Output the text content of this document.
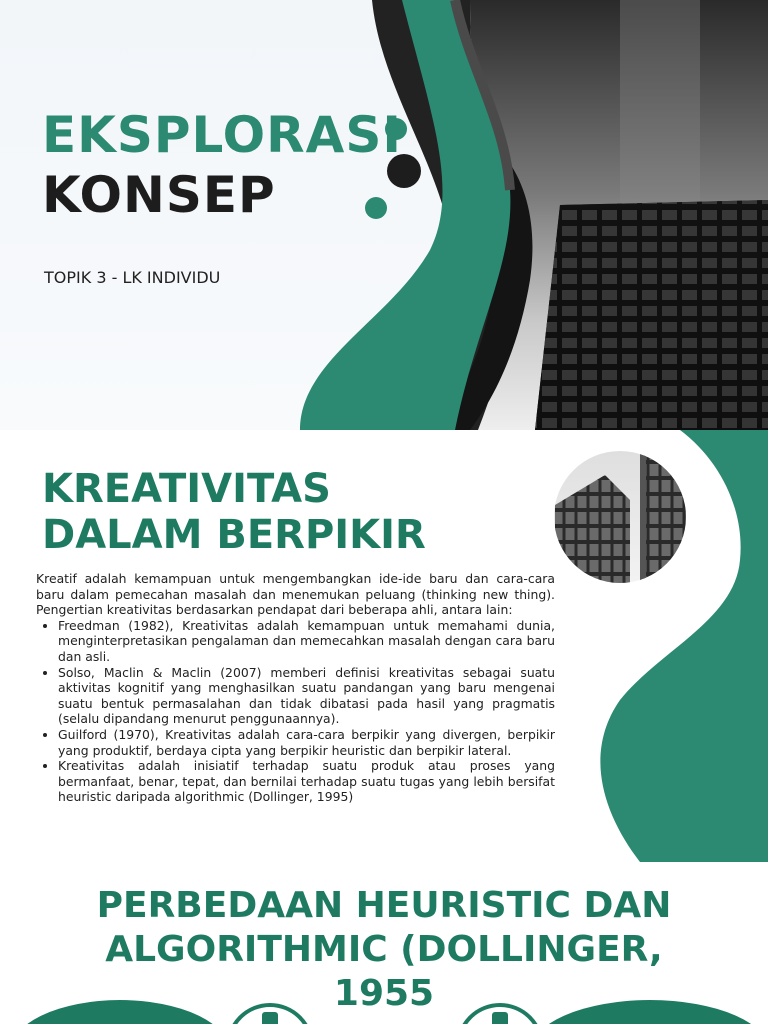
EKSPLORASI
KONSEP
TOPIK 3 - LK INDIVIDU
KREATIVITAS
DALAM BERPIKIR

Kreatif adalah kemampuan untuk mengembangkan ide-ide baru dan cara-cara baru dalam pemecahan masalah dan menemukan peluang (thinking new thing). Pengertian kreativitas berdasarkan pendapat dari beberapa ahli, antara lain:

• Freedman (1982), Kreativitas adalah kemampuan untuk memahami dunia, menginterpretasikan pengalaman dan memecahkan masalah dengan cara baru dan asli.
• Solso, Maclin & Maclin (2007) memberi definisi kreativitas sebagai suatu aktivitas kognitif yang menghasilkan suatu pandangan yang baru mengenai suatu bentuk permasalahan dan tidak dibatasi pada hasil yang pragmatis (selalu dipandang menurut penggunaannya).
• Guilford (1970), Kreativitas adalah cara-cara berpikir yang divergen, berpikir yang produktif, berdaya cipta yang berpikir heuristic dan berpikir lateral.
• Kreativitas adalah inisiatif terhadap suatu produk atau proses yang bermanfaat, benar, tepat, dan bernilai terhadap suatu tugas yang lebih bersifat heuristic daripada algorithmic (Dollinger, 1995)
PERBEDAAN HEURISTIC DAN ALGORITHMIC (DOLLINGER, 1955
